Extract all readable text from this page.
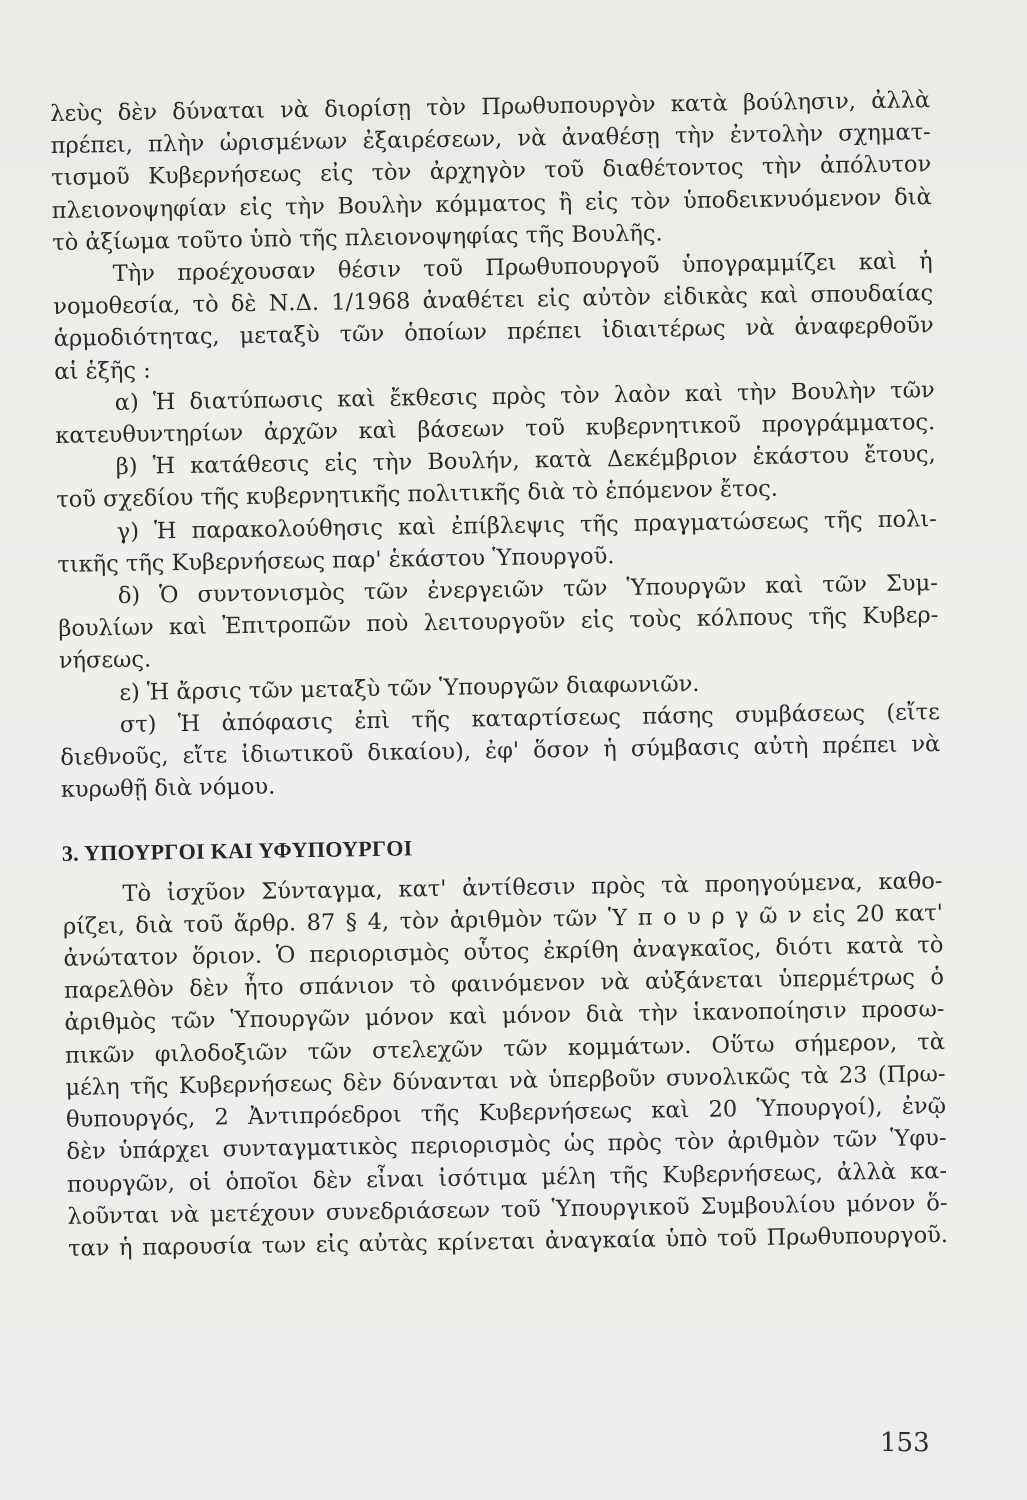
λεὺς δὲν δύναται νὰ διορίσῃ τὸν Πρωθυπουργὸν κατὰ βούλησιν, ἀλλὰ
πρέπει, πλὴν ὡρισμένων ἐξαιρέσεων, νὰ ἀναθέσῃ τὴν ἐντολὴν σχηματ-
τισμοῦ Κυβερνήσεως εἰς τὸν ἀρχηγὸν τοῦ διαθέτοντος τὴν ἀπόλυτον
πλειονοψηφίαν εἰς τὴν Βουλὴν κόμματος ἢ εἰς τὸν ὑποδεικνυόμενον διὰ
τὸ ἀξίωμα τοῦτο ὑπὸ τῆς πλειονοψηφίας τῆς Βουλῆς.
Τὴν προέχουσαν θέσιν τοῦ Πρωθυπουργοῦ ὑπογραμμίζει καὶ ἡ
νομοθεσία, τὸ δὲ Ν.Δ. 1/1968 ἀναθέτει εἰς αὐτὸν εἰδικὰς καὶ σπουδαίας
ἁρμοδιότητας, μεταξὺ τῶν ὁποίων πρέπει ἰδιαιτέρως νὰ ἀναφερθοῦν
αἱ ἑξῆς :
α) Ἡ διατύπωσις καὶ ἔκθεσις πρὸς τὸν λαὸν καὶ τὴν Βουλὴν τῶν
κατευθυντηρίων ἀρχῶν καὶ βάσεων τοῦ κυβερνητικοῦ προγράμματος.
β) Ἡ κατάθεσις εἰς τὴν Βουλήν, κατὰ Δεκέμβριον ἑκάστου ἔτους,
τοῦ σχεδίου τῆς κυβερνητικῆς πολιτικῆς διὰ τὸ ἑπόμενον ἔτος.
γ) Ἡ παρακολούθησις καὶ ἐπίβλεψις τῆς πραγματώσεως τῆς πολι-
τικῆς τῆς Κυβερνήσεως παρ' ἑκάστου Ὑπουργοῦ.
δ) Ὁ συντονισμὸς τῶν ἐνεργειῶν τῶν Ὑπουργῶν καὶ τῶν Συμ-
βουλίων καὶ Ἐπιτροπῶν ποὺ λειτουργοῦν εἰς τοὺς κόλπους τῆς Κυβερ-
νήσεως.
ε) Ἡ ἄρσις τῶν μεταξὺ τῶν Ὑπουργῶν διαφωνιῶν.
στ) Ἡ ἀπόφασις ἐπὶ τῆς καταρτίσεως πάσης συμβάσεως (εἴτε
διεθνοῦς, εἴτε ἰδιωτικοῦ δικαίου), ἐφ' ὅσον ἡ σύμβασις αὐτὴ πρέπει νὰ
κυρωθῇ διὰ νόμου.
3. ΥΠΟΥΡΓΟΙ ΚΑΙ ΥΦΥΠΟΥΡΓΟΙ
Τὸ ἰσχῦον Σύνταγμα, κατ' ἀντίθεσιν πρὸς τὰ προηγούμενα, καθο-
ρίζει, διὰ τοῦ ἄρθρ. 87 § 4, τὸν ἀριθμὸν τῶν Ὑ π ο υ ρ γ ῶ ν εἰς 20 κατ'
ἀνώτατον ὅριον. Ὁ περιορισμὸς οὗτος ἐκρίθη ἀναγκαῖος, διότι κατὰ τὸ
παρελθὸν δὲν ἦτο σπάνιον τὸ φαινόμενον νὰ αὐξάνεται ὑπερμέτρως ὁ
ἀριθμὸς τῶν Ὑπουργῶν μόνον καὶ μόνον διὰ τὴν ἱκανοποίησιν προσω-
πικῶν φιλοδοξιῶν τῶν στελεχῶν τῶν κομμάτων. Οὕτω σήμερον, τὰ
μέλη τῆς Κυβερνήσεως δὲν δύνανται νὰ ὑπερβοῦν συνολικῶς τὰ 23 (Πρω-
θυπουργός, 2 Ἀντιπρόεδροι τῆς Κυβερνήσεως καὶ 20 Ὑπουργοί), ἐνῷ
δὲν ὑπάρχει συνταγματικὸς περιορισμὸς ὡς πρὸς τὸν ἀριθμὸν τῶν Ὑφυ-
πουργῶν, οἱ ὁποῖοι δὲν εἶναι ἰσότιμα μέλη τῆς Κυβερνήσεως, ἀλλὰ κα-
λοῦνται νὰ μετέχουν συνεδριάσεων τοῦ Ὑπουργικοῦ Συμβουλίου μόνον ὅ-
ταν ἡ παρουσία των εἰς αὐτὰς κρίνεται ἀναγκαία ὑπὸ τοῦ Πρωθυπουργοῦ.
153
